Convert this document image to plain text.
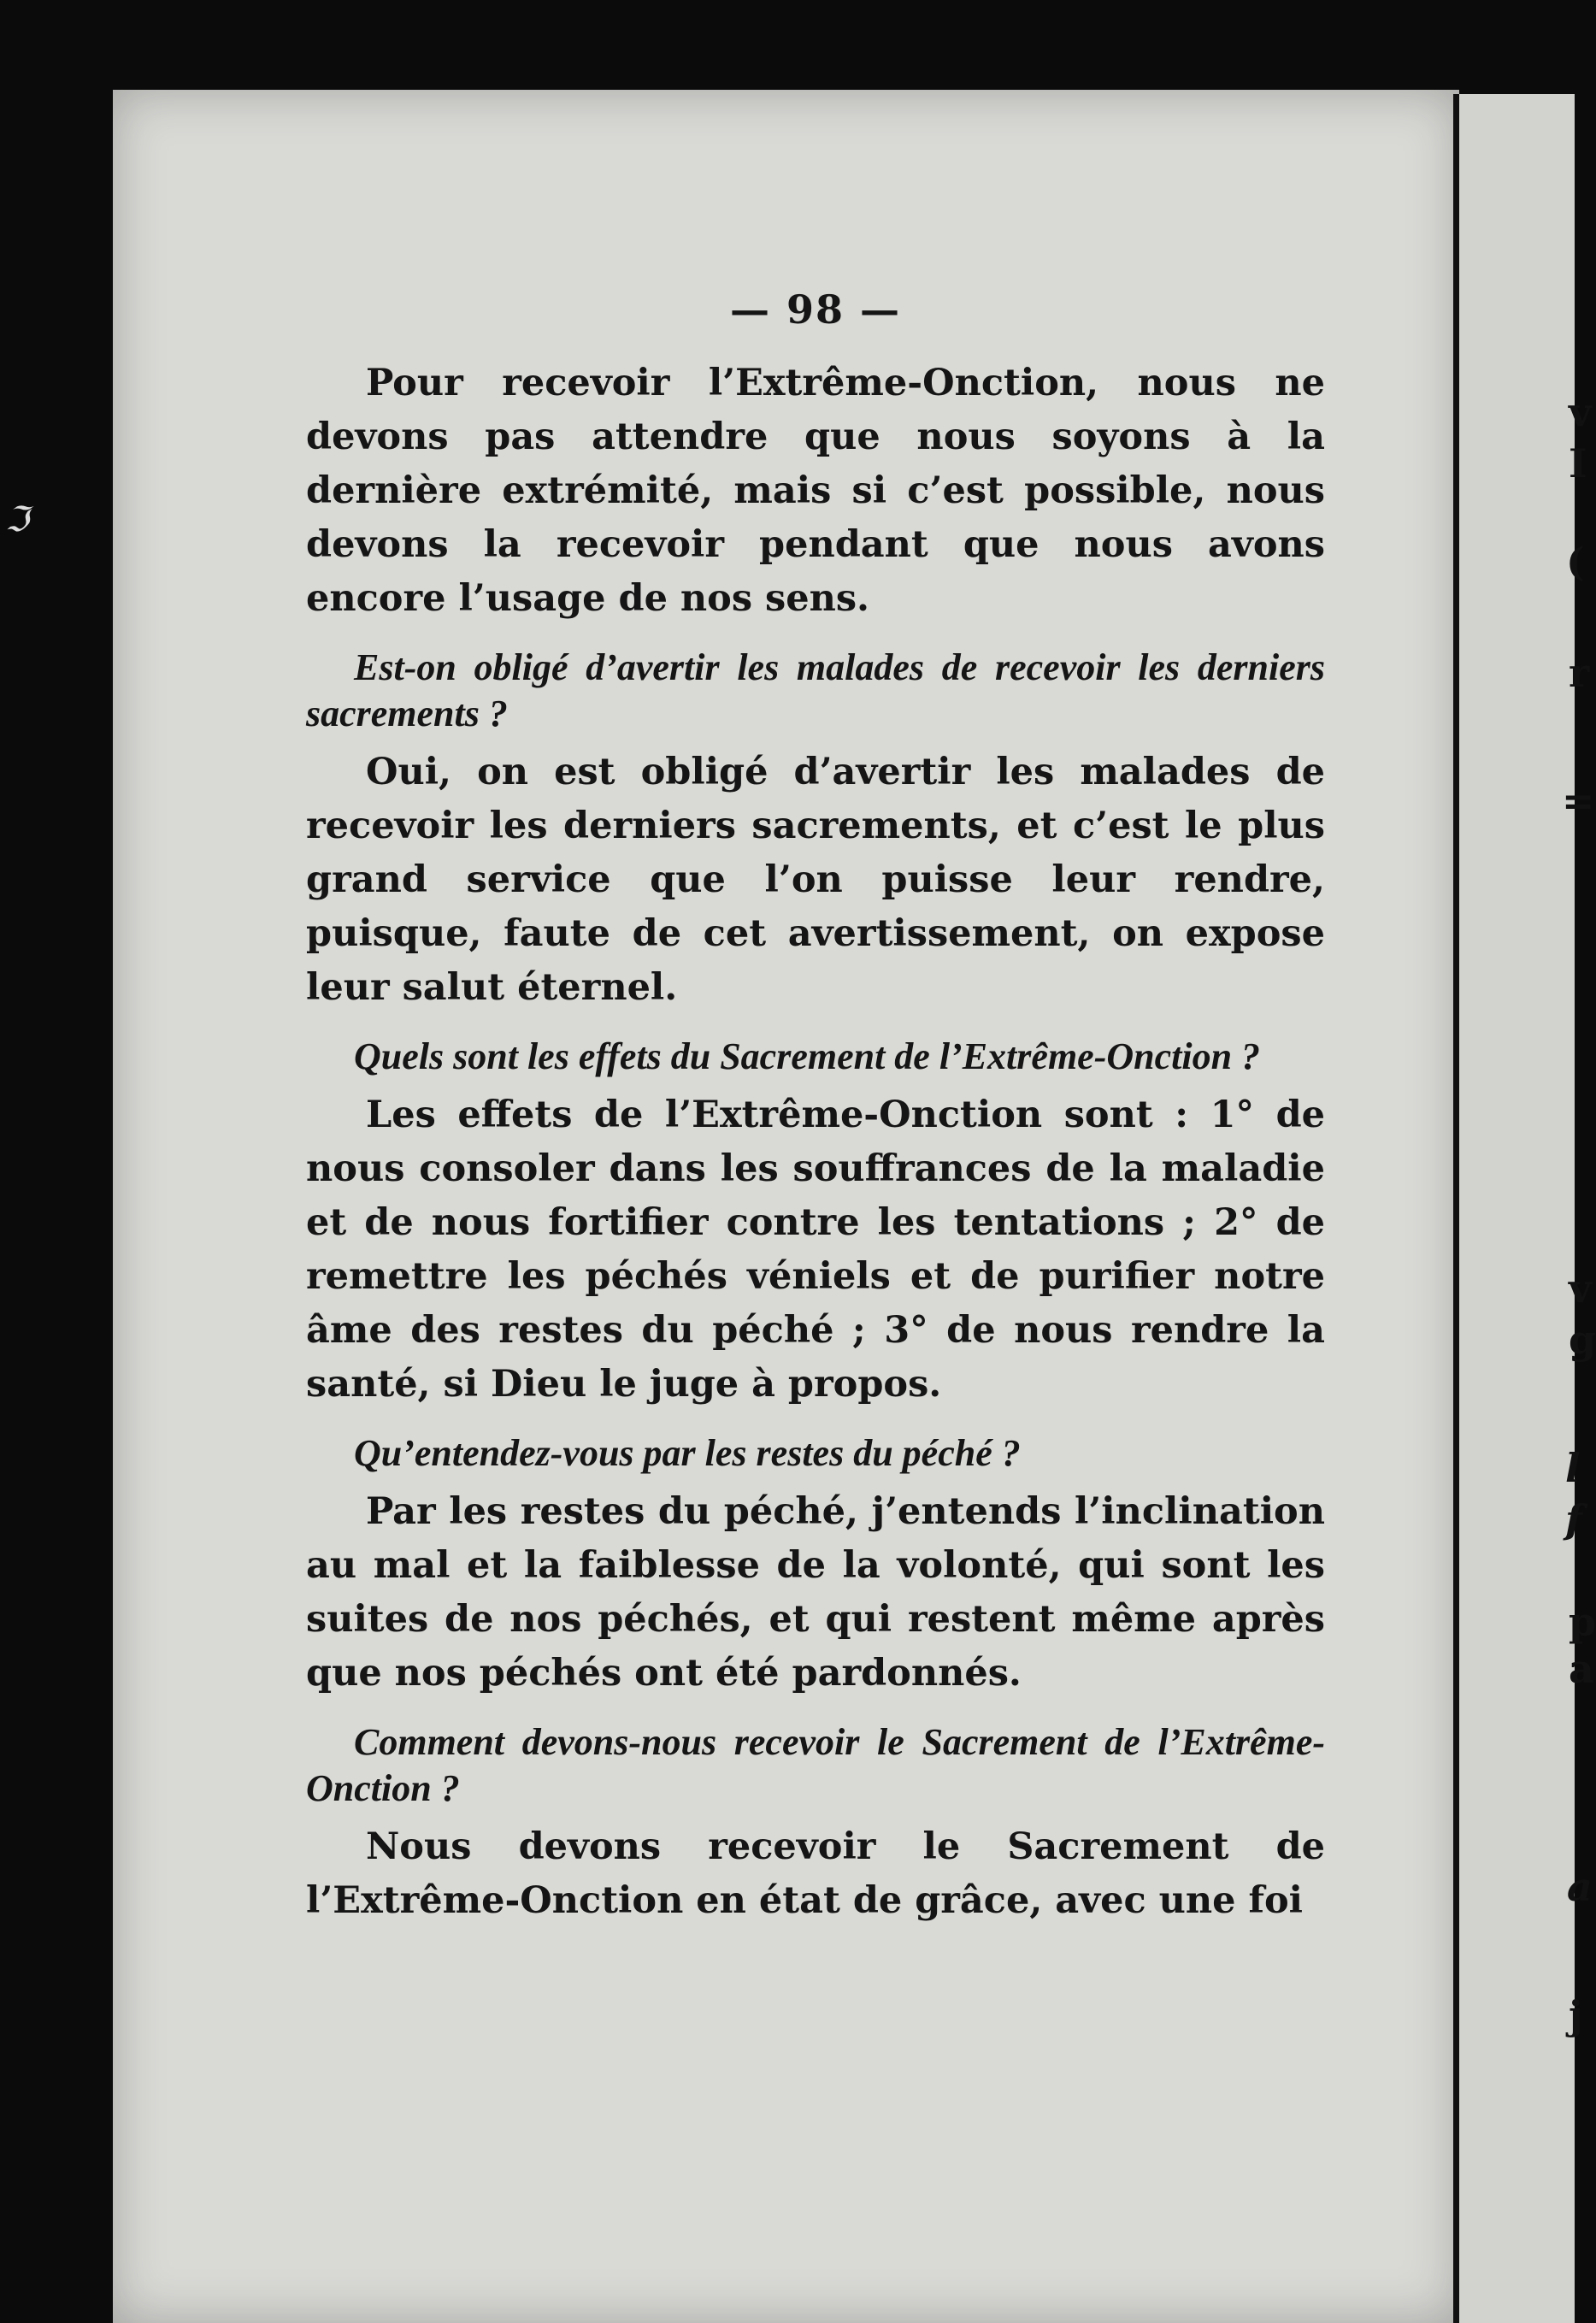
v
I
(
r
=
v
g
l
f
p
a
a
j
ℑ
— 98 —

Pour recevoir l’Extrême-Onction, nous ne devons pas attendre que nous soyons à la dernière extrémité, mais si c’est possible, nous devons la recevoir pendant que nous avons encore l’usage de nos sens.

Est-on obligé d’avertir les malades de recevoir les derniers sacrements ?

Oui, on est obligé d’avertir les malades de recevoir les derniers sacrements, et c’est le plus grand service que l’on puisse leur rendre, puisque, faute de cet avertissement, on expose leur salut éternel.

Quels sont les effets du Sacrement de l’Extrême-Onction ?

Les effets de l’Extrême-Onction sont : 1° de nous consoler dans les souffrances de la maladie et de nous fortifier contre les tentations ; 2° de remettre les péchés véniels et de purifier notre âme des restes du péché ; 3° de nous rendre la santé, si Dieu le juge à propos.

Qu’entendez-vous par les restes du péché ?

Par les restes du péché, j’entends l’inclination au mal et la faiblesse de la volonté, qui sont les suites de nos péchés, et qui restent même après que nos péchés ont été pardonnés.

Comment devons-nous recevoir le Sacrement de l’Extrême-Onction ?

Nous devons recevoir le Sacrement de l’Extrême-Onction en état de grâce, avec une foi
